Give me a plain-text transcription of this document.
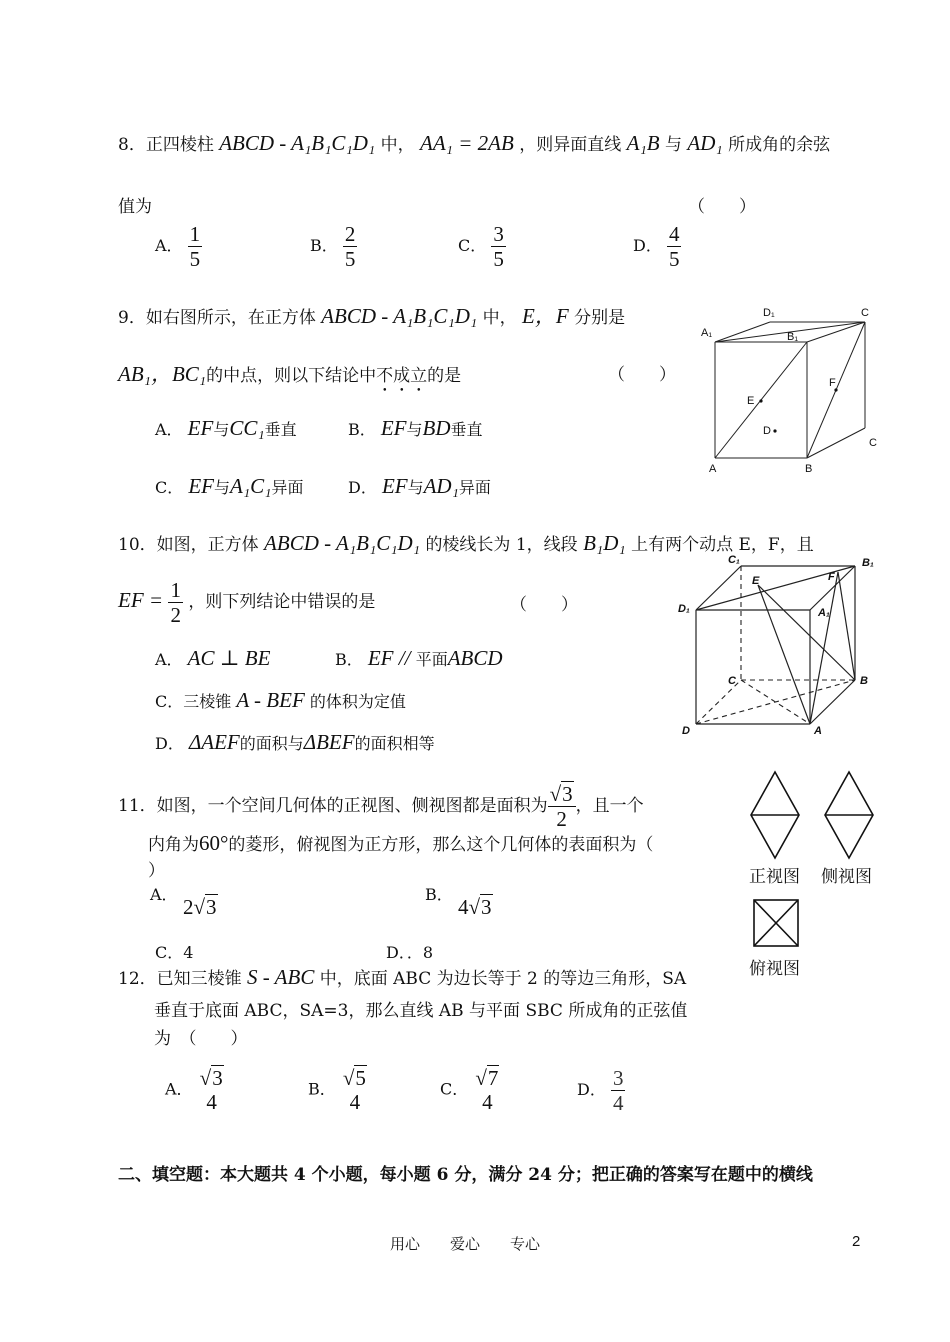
8．正四棱柱 ABCD - A₁B₁C₁D₁ 中， AA₁ = 2AB ，则异面直线 A₁B 与 AD₁ 所成角的余弦
值为	（　　）
A． $\frac{1}{5}$	B． $\frac{2}{5}$	C． $\frac{3}{5}$	D． $\frac{4}{5}$
9．如右图所示，在正方体 ABCD - A₁B₁C₁D₁ 中， E，F 分别是
AB₁，BC₁的中点，则以下结论中不成立的是	（　　）
A． EF与CC₁垂直	B． EF与BD垂直
C． EF与A₁C₁异面	D． EF与AD₁异面
D₁	C
A₁	B₁
F
E
D
C
A	B
10．如图，正方体 ABCD - A₁B₁C₁D₁ 的棱线长为 1，线段 B₁D₁ 上有两个动点 E，F，且
EF = $\frac{1}{2}$ ，则下列结论中错误的是	（　　）
A． AC ⊥ BE	B． EF // 平面ABCD
C．三棱锥 A - BEF 的体积为定值
D． ΔAEF的面积与ΔBEF的面积相等
C₁	B₁
E	F
D₁	A₁
C	B
D	A
11．如图，一个空间几何体的正视图、侧视图都是面积为 $\frac{√3}{2}$ ，且一个
内角为60°的菱形，俯视图为正方形，那么这个几何体的表面积为（
）
A．
2√3
B．
4√3
C．4	D．．8
正视图 侧视图
俯视图
12．已知三棱锥 S - ABC 中，底面 ABC 为边长等于 2 的等边三角形，SA
垂直于底面 ABC，SA=3，那么直线 AB 与平面 SBC 所成角的正弦值
为　（　　）
A． √3
4
B． √5
4
C． √7
4
D． $\frac{3}{4}$
二、填空题：本大题共 4 个小题，每小题 6 分，满分 24 分；把正确的答案写在题中的横线
用心　　爱心　　专心	2
